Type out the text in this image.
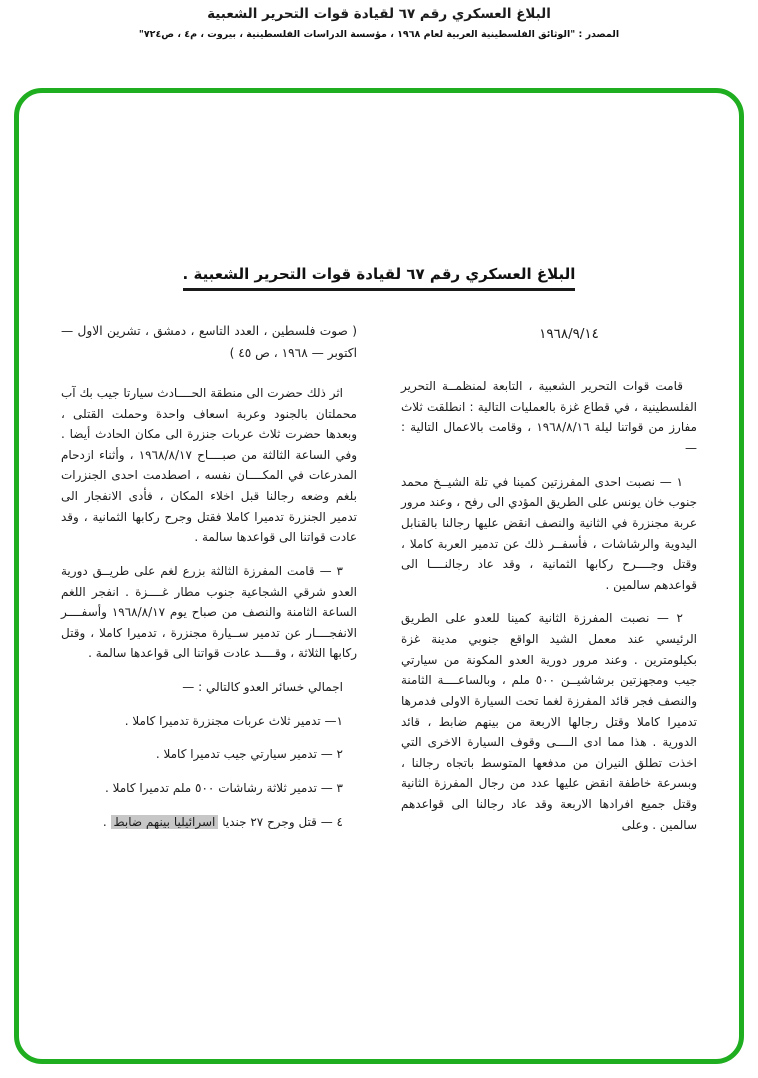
البلاغ العسكري رقم ٦٧ لقيادة قوات التحرير الشعبية
المصدر : "الوثائق الفلسطينية العربية لعام ١٩٦٨ ، مؤسسة الدراسات الفلسطينية ، بيروت ، م٤ ، ص٧٢٤"
البلاغ العسكري رقم ٦٧ لقيادة قوات التحرير الشعبية .
١٩٦٨/٩/١٤

قامت قوات التحرير الشعبية ، التابعة لمنظمــة التحرير الفلسطينية ، في قطاع غزة بالعمليات التالية : انطلقت ثلاث مفارز من قواتنا ليلة ١٩٦٨/٨/١٦ ، وقامت بالاعمال التالية : —

١ — نصبت احدى المفرزتين كمينا في تلة الشيــخ محمد جنوب خان يونس على الطريق المؤدي الى رفح ، وعند مرور عربة مجنزرة في الثانية والنصف انقض عليها رجالنا بالقنابل اليدوية والرشاشات ، فأسفــر ذلك عن تدمير العربة كاملا ، وقتل وجــــرح ركابها الثمانية ، وقد عاد رجالنــــا الى قواعدهم سالمين .

٢ — نصبت المفرزة الثانية كمينا للعدو على الطريق الرئيسي عند معمل الشيد الواقع جنوبي مدينة غزة بكيلومترين . وعند مرور دورية العدو المكونة من سيارتي جيب ومجهزتين برشاشيــن ٥٠٠ ملم ، وبالساعــــة الثامنة والنصف فجر قائد المفرزة لغما تحت السيارة الاولى فدمرها تدميرا كاملا وقتل رجالها الاربعة من بينهم ضابط ، قائد الدورية . هذا مما ادى الــــى وقوف السيارة الاخرى التي اخذت تطلق النيران من مدفعها المتوسط باتجاه رجالنا ، وبسرعة خاطفة انقض عليها عدد من رجال المفرزة الثانية وقتل جميع افرادها الاربعة وقد عاد رجالنا الى قواعدهم سالمين . وعلى

( صوت فلسطين ، العدد التاسع ، دمشق ، تشرين الاول — اكتوبر — ١٩٦٨ ، ص ٤٥ )

اثر ذلك حضرت الى منطقة الحــــادث سيارتا جيب بك آب محملتان بالجنود وعربة اسعاف واحدة وحملت القتلى ، وبعدها حضرت ثلاث عربات جنزرة الى مكان الحادث أيضا . وفي الساعة الثالثة من صبــــاح ١٩٦٨/٨/١٧ ، وأثناء ازدحام المدرعات في المكــــان نفسه ، اصطدمت احدى الجنزرات بلغم وضعه رجالنا قبل اخلاء المكان ، فأدى الانفجار الى تدمير الجنزرة تدميرا كاملا فقتل وجرح ركابها الثمانية ، وقد عادت قواتنا الى قواعدها سالمة .

٣ — قامت المفرزة الثالثة بزرع لغم على طريــق دورية العدو شرقي الشجاعية جنوب مطار غــــزة . انفجر اللغم الساعة الثامنة والنصف من صباح يوم ١٩٦٨/٨/١٧ وأسفــــر الانفجــــار عن تدمير ســيارة مجنزرة ، تدميرا كاملا ، وقتل ركابها الثلاثة ، وقــــد عادت قواتنا الى قواعدها سالمة .

اجمالي خسائر العدو كالتالي : —

١— تدمير ثلاث عربات مجنزرة تدميرا كاملا .

٢ — تدمير سيارتي جيب تدميرا كاملا .

٣ — تدمير ثلاثة رشاشات ٥٠٠ ملم تدميرا كاملا .

٤ — قتل وجرح ٢٧ جنديا اسرائيليا بينهم ضابط .
